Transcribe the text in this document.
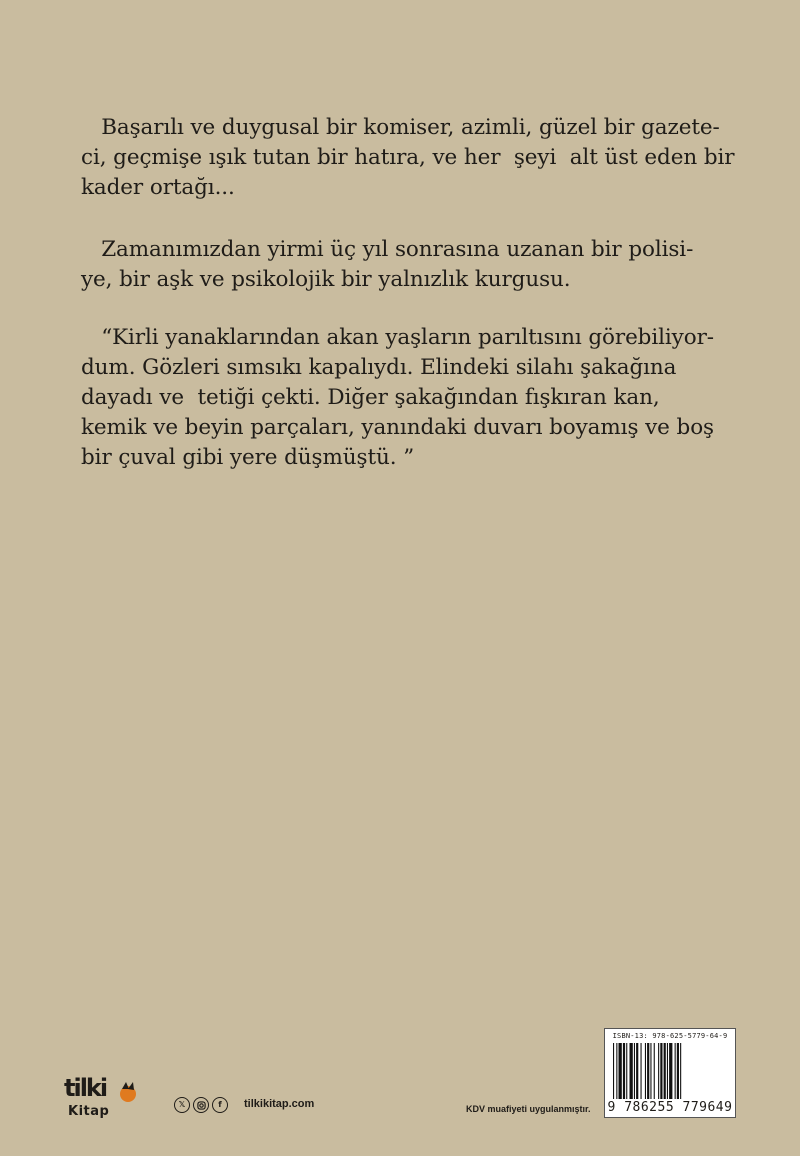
Başarılı ve duygusal bir komiser, azimli, güzel bir gazete-
ci, geçmişe ışık tutan bir hatıra, ve her  şeyi  alt üst eden bir
kader ortağı...
Zamanımızdan yirmi üç yıl sonrasına uzanan bir polisi-
ye, bir aşk ve psikolojik bir yalnızlık kurgusu.
“Kirli yanaklarından akan yaşların parıltısını görebiliyor-
dum. Gözleri sımsıkı kapalıydı. Elindeki silahı şakağına
dayadı ve  tetiği çekti. Diğer şakağından fışkıran kan,
kemik ve beyin parçaları, yanındaki duvarı boyamış ve boş
bir çuval gibi yere düşmüştü. ”
tilki
Kitap	𝕏	f	tilkikitap.com	KDV muafiyeti uygulanmıştır.
ISBN-13: 978-625-5779-64-9
9 786255 779649
